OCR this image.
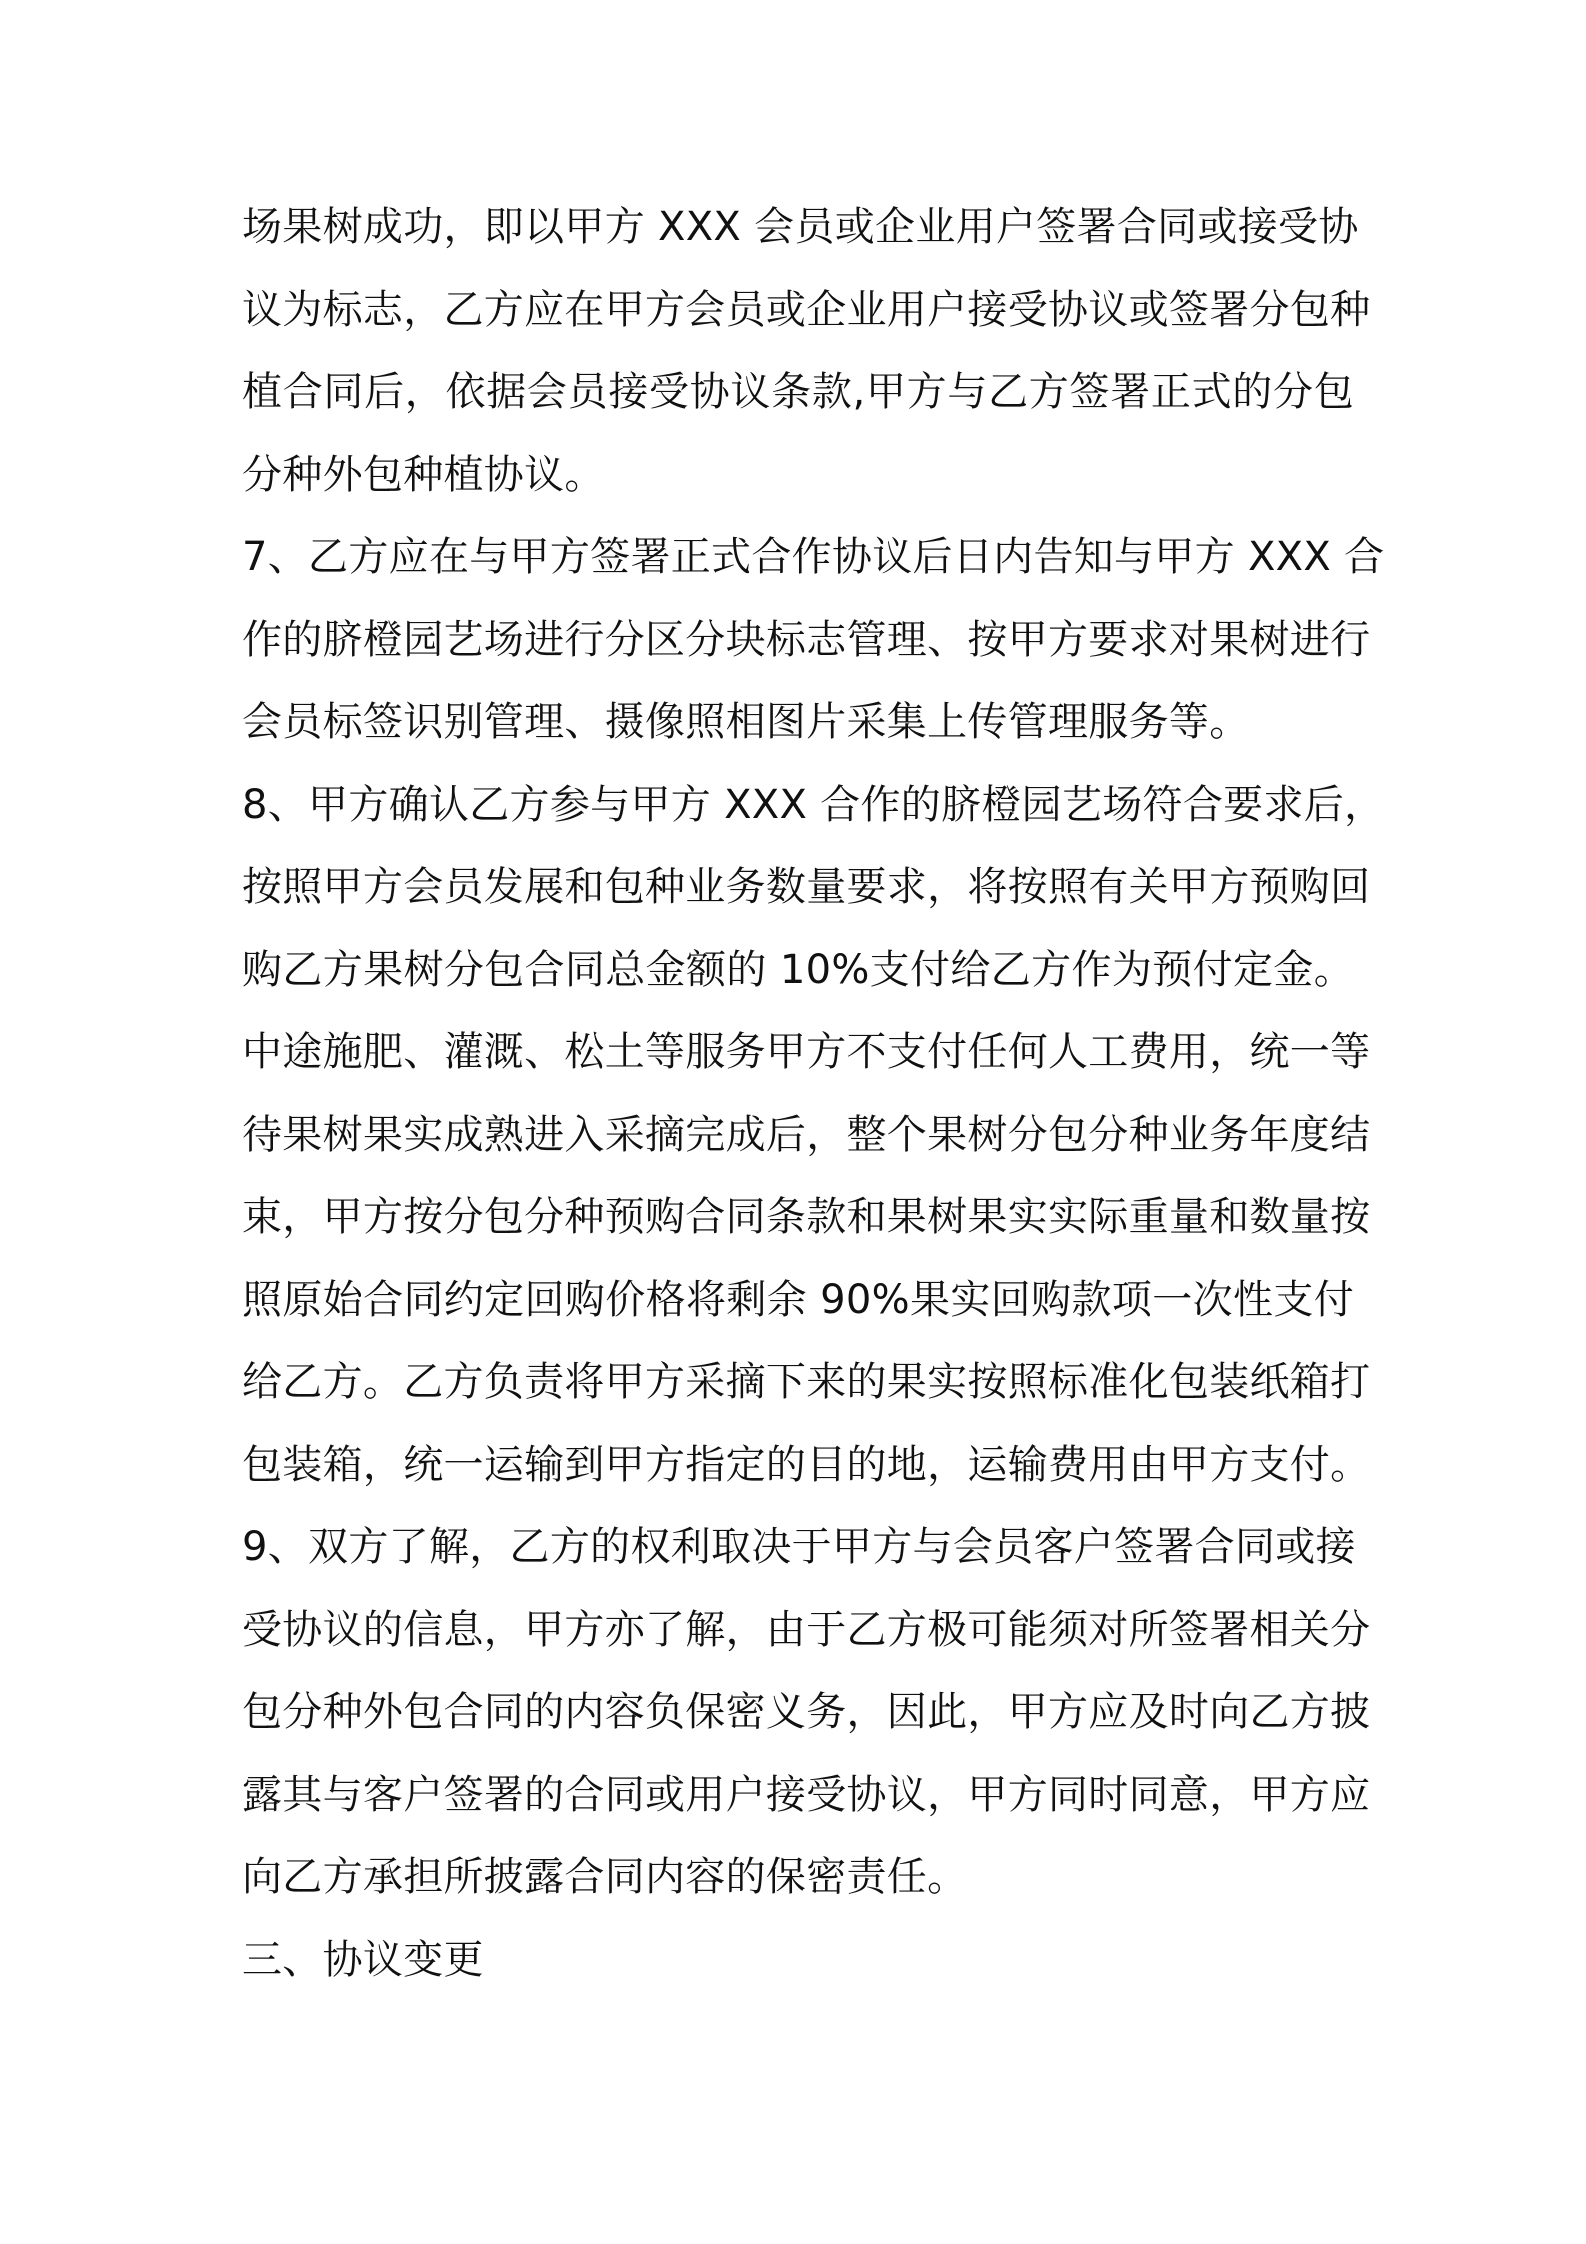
场果树成功，即以甲方 XXX 会员或企业用户签署合同或接受协
议为标志，乙方应在甲方会员或企业用户接受协议或签署分包种
植合同后，依据会员接受协议条款,甲方与乙方签署正式的分包
分种外包种植协议。
7、乙方应在与甲方签署正式合作协议后日内告知与甲方 XXX 合
作的脐橙园艺场进行分区分块标志管理、按甲方要求对果树进行
会员标签识别管理、摄像照相图片采集上传管理服务等。
8、甲方确认乙方参与甲方 XXX 合作的脐橙园艺场符合要求后，
按照甲方会员发展和包种业务数量要求，将按照有关甲方预购回
购乙方果树分包合同总金额的 10%支付给乙方作为预付定金。
中途施肥、灌溉、松土等服务甲方不支付任何人工费用，统一等
待果树果实成熟进入采摘完成后，整个果树分包分种业务年度结
束，甲方按分包分种预购合同条款和果树果实实际重量和数量按
照原始合同约定回购价格将剩余 90%果实回购款项一次性支付
给乙方。乙方负责将甲方采摘下来的果实按照标准化包装纸箱打
包装箱，统一运输到甲方指定的目的地，运输费用由甲方支付。
9、双方了解，乙方的权利取决于甲方与会员客户签署合同或接
受协议的信息，甲方亦了解，由于乙方极可能须对所签署相关分
包分种外包合同的内容负保密义务，因此，甲方应及时向乙方披
露其与客户签署的合同或用户接受协议，甲方同时同意，甲方应
向乙方承担所披露合同内容的保密责任。
三、协议变更
